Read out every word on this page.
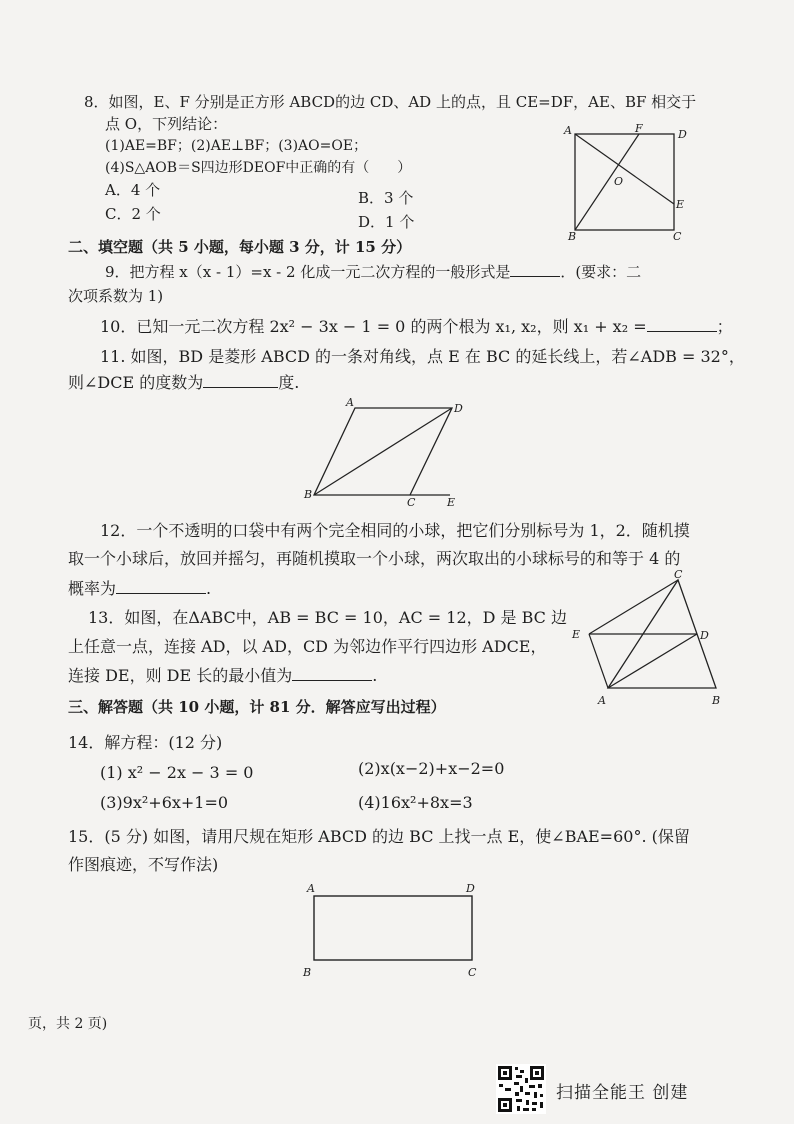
8．如图，E、F 分别是正方形 ABCD的边 CD、AD 上的点，且 CE=DF，AE、BF 相交于
点 O，下列结论：
(1)AE=BF；(2)AE⊥BF；(3)AO=OE；
(4)S△AOB＝S四边形DEOF中正确的有（　　）
A．4 个	B．3 个
C．2 个	D．1 个
A	F	D
O
E
B	C
二、填空题（共 5 小题，每小题 3 分，计 15 分）
9．把方程 x（x - 1）=x - 2 化成一元二次方程的一般形式是	．(要求：二
次项系数为 1)
10．已知一元二次方程 2x² − 3x − 1 = 0 的两个根为 x₁, x₂，则 x₁ + x₂ =	；
11. 如图，BD 是菱形 ABCD 的一条对角线，点 E 在 BC 的延长线上，若∠ADB = 32°，
则∠DCE 的度数为	度.
A	D
B
C	E
12．一个不透明的口袋中有两个完全相同的小球，把它们分别标号为 1，2．随机摸
取一个小球后，放回并摇匀，再随机摸取一个小球，两次取出的小球标号的和等于 4 的
概率为	.
13．如图，在ΔABC中，AB = BC = 10，AC = 12，D 是 BC 边
上任意一点，连接 AD，以 AD，CD 为邻边作平行四边形 ADCE，
连接 DE，则 DE 长的最小值为	.
C
E	D
A	B
三、解答题（共 10 小题，计 81 分．解答应写出过程）
14．解方程：(12 分)
(1) x² − 2x − 3 = 0	(2)x(x−2)+x−2=0
(3)9x²+6x+1=0	(4)16x²+8x=3
15．(5 分) 如图，请用尺规在矩形 ABCD 的边 BC 上找一点 E，使∠BAE=60°. (保留
作图痕迹，不写作法)
A	D
B	C
页，共 2 页)
扫描全能王 创建
